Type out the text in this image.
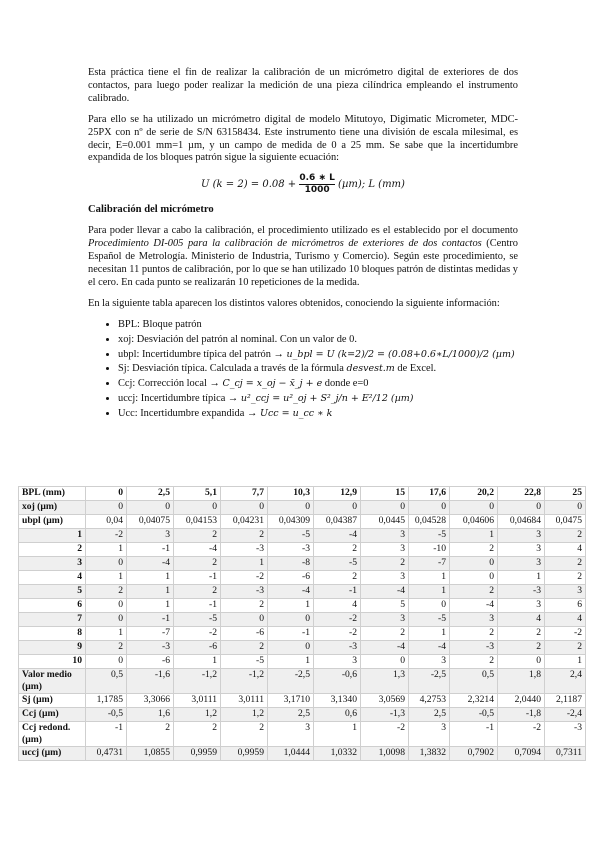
Esta práctica tiene el fin de realizar la calibración de un micrómetro digital de exteriores de dos contactos, para luego poder realizar la medición de una pieza cilíndrica empleando el instrumento calibrado.

Para ello se ha utilizado un micrómetro digital de modelo Mitutoyo, Digimatic Micrometer, MDC-25PX con nº de serie de S/N 63158434. Este instrumento tiene una división de escala milesimal, es decir, E=0.001 mm=1 µm, y un campo de medida de 0 a 25 mm. Se sabe que la incertidumbre expandida de los bloques patrón sigue la siguiente ecuación:

U $(k = 2) = 0.08 + \frac{0.6 ∗ L}{1000} (\mu m)$; L (mm)
Calibración del micrómetro

Para poder llevar a cabo la calibración, el procedimiento utilizado es el establecido por el documento Procedimiento DI-005 para la calibración de micrómetros de exteriores de dos contactos (Centro Español de Metrología. Ministerio de Industria, Turismo y Comercio). Según este procedimiento, se necesitan 11 puntos de calibración, por lo que se han utilizado 10 bloques patrón de distintas medidas y el cero. En cada punto se realizarán 10 repeticiones de la medida.

En la siguiente tabla aparecen los distintos valores obtenidos, conociendo la siguiente información:

• BPL: Bloque patrón
• xoj: Desviación del patrón al nominal. Con un valor de 0.
• ubpl: Incertidumbre típica del patrón → u_bpl = U (k=2)/2 = (0.08+0.6∗L/1000)/2 (µm)
• Sj: Desviación típica. Calculada a través de la fórmula desvest.m de Excel.
• Ccj: Corrección local → C_cj = x_oj − x̄_j + e donde e=0
• uccj: Incertidumbre típica → u²_ccj = u²_oj + S²_j/n + E²/12 (µm)
• Ucc: Incertidumbre expandida → Ucc = u_cc ∗ k
BPL (mm)	0	2,5	5,1	7,7	10,3	12,9	15	17,6	20,2	22,8	25
xoj (µm)	0	0	0	0	0	0	0	0	0	0	0
ubpl (µm)	0,04	0,04075	0,04153	0,04231	0,04309	0,04387	0,0445	0,04528	0,04606	0,04684	0,0475
1	-2	3	2	2	-5	-4	3	-5	1	3	2
2	1	-1	-4	-3	-3	2	3	-10	2	3	4
3	0	-4	2	1	-8	-5	2	-7	0	3	2
4	1	1	-1	-2	-6	2	3	1	0	1	2
5	2	1	2	-3	-4	-1	-4	1	2	-3	3
6	0	1	-1	2	1	4	5	0	-4	3	6
7	0	-1	-5	0	0	-2	3	-5	3	4	4
8	1	-7	-2	-6	-1	-2	2	1	2	2	-2
9	2	-3	-6	2	0	-3	-4	-4	-3	2	2
10	0	-6	1	-5	1	3	0	3	2	0	1
Valor medio (µm)	0,5	-1,6	-1,2	-1,2	-2,5	-0,6	1,3	-2,5	0,5	1,8	2,4
Sj (µm)	1,1785	3,3066	3,0111	3,0111	3,1710	3,1340	3,0569	4,2753	2,3214	2,0440	2,1187
Ccj (µm)	-0,5	1,6	1,2	1,2	2,5	0,6	-1,3	2,5	-0,5	-1,8	-2,4
Ccj redond. (µm)	-1	2	2	2	3	1	-2	3	-1	-2	-3
uccj (µm)	0,4731	1,0855	0,9959	0,9959	1,0444	1,0332	1,0098	1,3832	0,7902	0,7094	0,7311
